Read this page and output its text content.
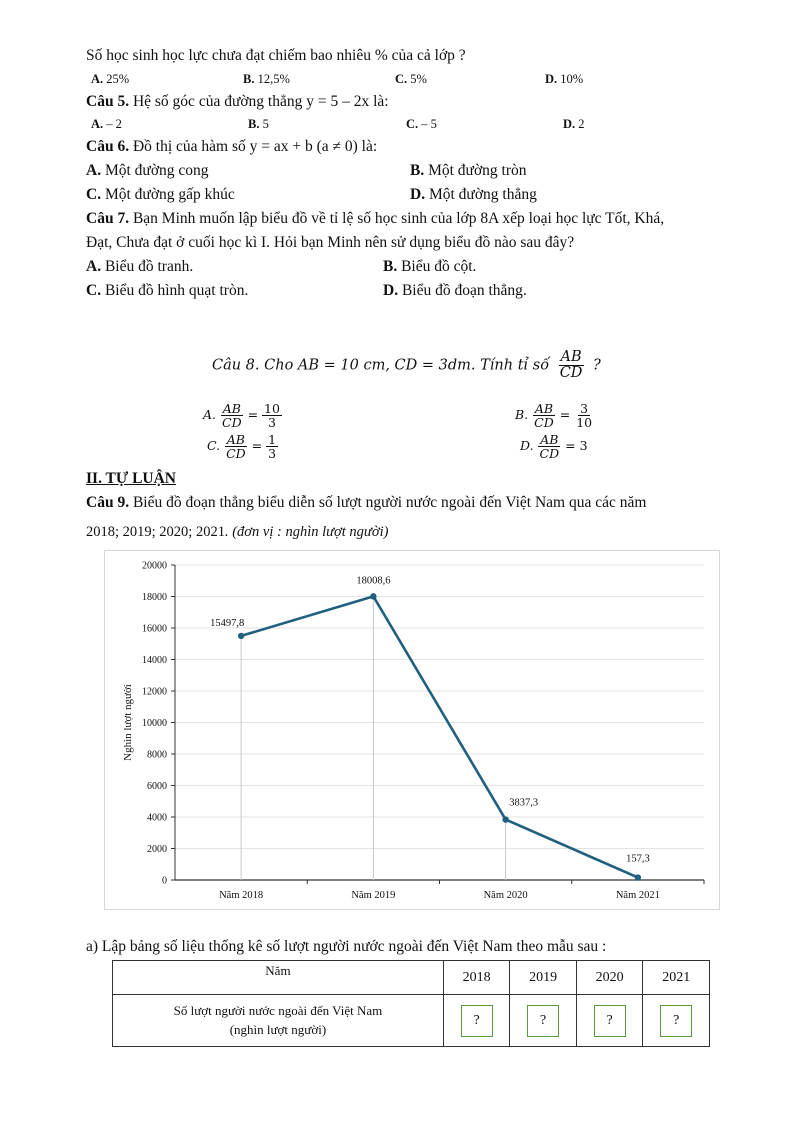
Số học sinh học lực chưa đạt chiếm bao nhiêu % của cả lớp ?
A. 25%	B. 12,5%	C. 5%	D. 10%
Câu 5. Hệ số góc của đường thẳng y = 5 – 2x là:
A. – 2	B. 5	C. – 5	D. 2
Câu 6. Đồ thị của hàm số y = ax + b (a ≠ 0) là:
A. Một đường cong	B. Một đường tròn
C. Một đường gấp khúc	D. Một đường thẳng
Câu 7. Bạn Minh muốn lập biểu đồ về tỉ lệ số học sinh của lớp 8A xếp loại học lực Tốt, Khá,
Đạt, Chưa đạt ở cuối học kì I. Hỏi bạn Minh nên sử dụng biểu đồ nào sau đây?
A. Biểu đồ tranh.	B. Biểu đồ cột.
C. Biểu đồ hình quạt tròn.	D. Biểu đồ đoạn thẳng.
Câu 8. Cho AB = 10 cm, CD = 3dm. Tính tỉ số $\frac{AB}{CD}$ ?
A. $\frac{AB}{CD} = \frac{10}{3}$	B. $\frac{AB}{CD} = \frac{3}{10}$
C. $\frac{AB}{CD} = \frac{1}{3}$	D. $\frac{AB}{CD} = 3$
II. TỰ LUẬN
Câu 9. Biểu đồ đoạn thẳng biểu diễn số lượt người nước ngoài đến Việt Nam qua các năm
2018; 2019; 2020; 2021. (đơn vị : nghìn lượt người)
0
2000
4000
6000
8000
10000
12000
14000
16000
18000
20000
Nghìn lượt người
Năm 2018	Năm 2019	Năm 2020	Năm 2021
15497,8
18008,6
3837,3
157,3
a) Lập bảng số liệu thống kê số lượt người nước ngoài đến Việt Nam theo mẫu sau :
Năm	2018	2019	2020	2021

Số lượt người nước ngoài đến Việt Nam
(nghìn lượt người)	?	?	?	?
